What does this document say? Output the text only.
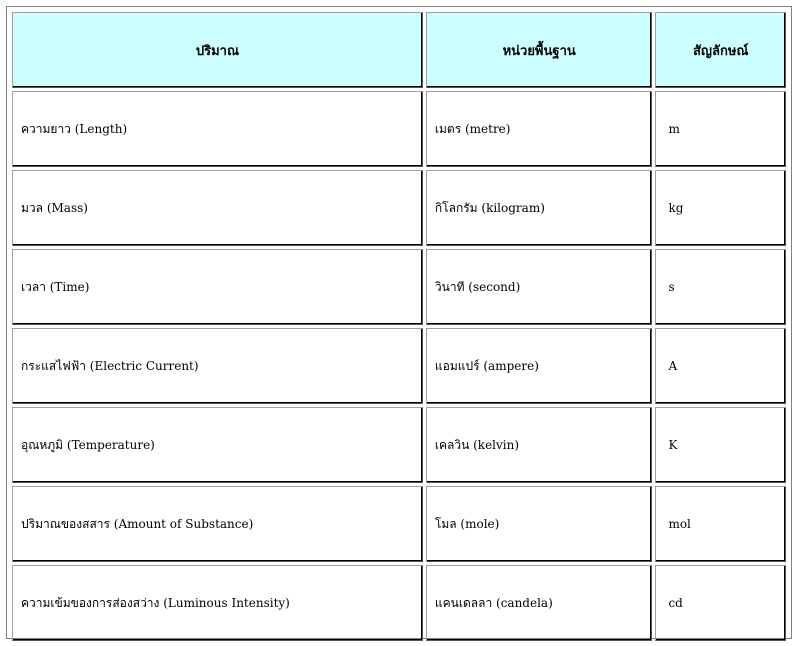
ปริมาณ	หน่วยพื้นฐาน	สัญลักษณ์
ความยาว (Length)	เมตร (metre)	m
มวล (Mass)	กิโลกรัม (kilogram)	kg
เวลา (Time)	วินาที (second)	s
กระแสไฟฟ้า (Electric Current)	แอมแปร์ (ampere)	A
อุณหภูมิ (Temperature)	เคลวิน (kelvin)	K
ปริมาณของสสาร (Amount of Substance)	โมล (mole)	mol
ความเข้มของการส่องสว่าง (Luminous Intensity)	แคนเดลลา (candela)	cd
